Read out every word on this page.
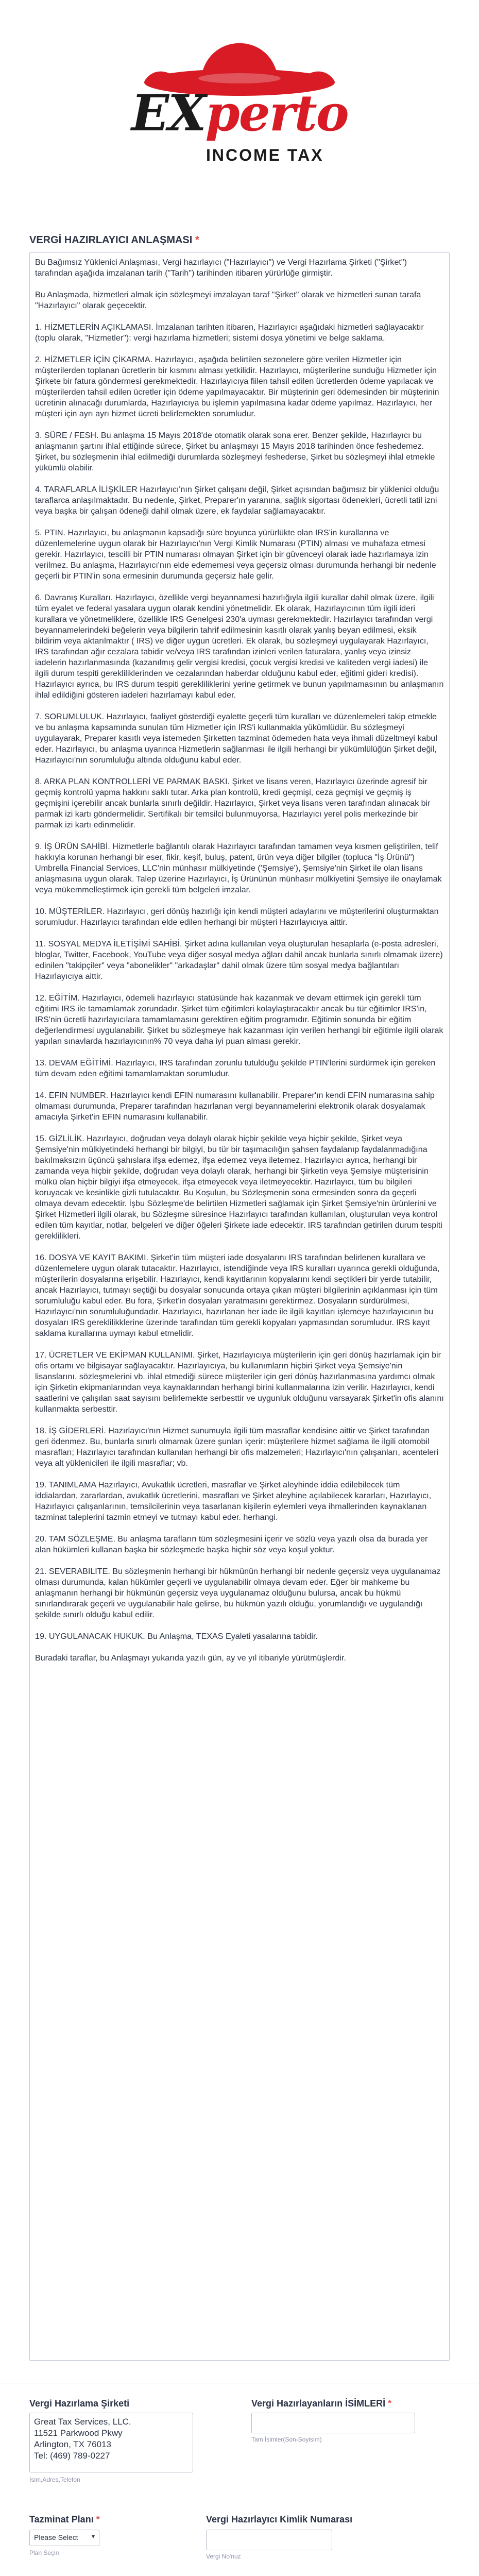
EXperto
INCOME TAX
VERGİ HAZIRLAYICI ANLAŞMASI *
Bu Bağımsız Yüklenici Anlaşması, Vergi hazırlayıcı ("Hazırlayıcı") ve Vergi Hazırlama Şirketi ("Şirket") tarafından aşağıda imzalanan tarih ("Tarih") tarihinden itibaren yürürlüğe girmiştir.

Bu Anlaşmada, hizmetleri almak için sözleşmeyi imzalayan taraf "Şirket" olarak ve hizmetleri sunan tarafa "Hazırlayıcı" olarak geçecektir.

1. HİZMETLERİN AÇIKLAMASI. İmzalanan tarihten itibaren, Hazırlayıcı aşağıdaki hizmetleri sağlayacaktır (toplu olarak, "Hizmetler"): vergi hazırlama hizmetleri; sistemi dosya yönetimi ve belge saklama.

2. HİZMETLER İÇİN ÇİKARMA. Hazırlayıcı, aşağıda belirtilen sezonelere göre verilen Hizmetler için müşterilerden toplanan ücretlerin bir kısmını alması yetkilidir. Hazırlayıcı, müşterilerine sunduğu Hizmetler için Şirkete bir fatura göndermesi gerekmektedir. Hazırlayıcıya fiilen tahsil edilen ücretlerden ödeme yapılacak ve müşterilerden tahsil edilen ücretler için ödeme yapılmayacaktır. Bir müşterinin geri ödemesinden bir müşterinin ücretinin alınacağı durumlarda, Hazırlayıcıya bu işlemin yapılmasına kadar ödeme yapılmaz. Hazırlayıcı, her müşteri için ayrı ayrı hizmet ücreti belirlemekten sorumludur.

3. SÜRE / FESH. Bu anlaşma 15 Mayıs 2018'de otomatik olarak sona erer. Benzer şekilde, Hazırlayıcı bu anlaşmanın şartını ihlal ettiğinde sürece, Şirket bu anlaşmayı 15 Mayıs 2018 tarihinden önce feshedemez. Şirket, bu sözleşmenin ihlal edilmediği durumlarda sözleşmeyi feshederse, Şirket bu sözleşmeyi ihlal etmekle yükümlü olabilir.

4. TARAFLARLA İLİŞKİLER Hazırlayıcı'nın Şirket çalışanı değil, Şirket açısından bağımsız bir yüklenici olduğu taraflarca anlaşılmaktadır. Bu nedenle, Şirket, Preparer'ın yaranına, sağlık sigortası ödenekleri, ücretli tatil izni veya başka bir çalışan ödeneği dahil olmak üzere, ek faydalar sağlamayacaktır.

5. PTIN. Hazırlayıcı, bu anlaşmanın kapsadığı süre boyunca yürürlükte olan IRS'in kurallarına ve düzenlemelerine uygun olarak bir Hazırlayıcı'nın Vergi Kimlik Numarası (PTIN) alması ve muhafaza etmesi gerekir. Hazırlayıcı, tescilli bir PTIN numarası olmayan Şirket için bir güvenceyi olarak iade hazırlamaya izin verilmez. Bu anlaşma, Hazırlayıcı'nın elde edememesi veya geçersiz olması durumunda herhangi bir nedenle geçerli bir PTIN'in sona ermesinin durumunda geçersiz hale gelir.

6. Davranış Kuralları. Hazırlayıcı, özellikle vergi beyannamesi hazırlığıyla ilgili kurallar dahil olmak üzere, ilgili tüm eyalet ve federal yasalara uygun olarak kendini yönetmelidir. Ek olarak, Hazırlayıcının tüm ilgili ideri kurallara ve yönetmeliklere, özellikle IRS Genelgesi 230'a uyması gerekmektedir. Hazırlayıcı tarafından vergi beyannamelerindeki beğelerin veya bilgilerin tahrif edilmesinin kasıtlı olarak yanlış beyan edilmesi, eksik bildirim veya aktarılmaktır ( IRS) ve diğer uygun ücretleri. Ek olarak, bu sözleşmeyi uygulayarak Hazırlayıcı, IRS tarafından ağır cezalara tabidir ve/veya IRS tarafından izinleri verilen faturalara, yanlış veya izinsiz iadelerin hazırlanmasında (kazanılmış gelir vergisi kredisi, çocuk vergisi kredisi ve kaliteden vergi iadesi) ile ilgili durum tespiti gerekliliklerinden ve cezalarından haberdar olduğunu kabul eder, eğitimi gideri kredisi). Hazırlayıcı ayrıca, bu IRS durum tespiti gerekliliklerini yerine getirmek ve bunun yapılmamasının bu anlaşmanın ihlal edildiğini gösteren iadeleri hazırlamayı kabul eder.

7. SORUMLULUK. Hazırlayıcı, faaliyet gösterdiği eyalette geçerli tüm kuralları ve düzenlemeleri takip etmekle ve bu anlaşma kapsamında sunulan tüm Hizmetler için IRS'i kullanmakla yükümlüdür. Bu sözleşmeyi uygulayarak, Preparer kasıtlı veya istemeden Şirketten tazminat ödemeden hata veya ihmali düzeltmeyi kabul eder. Hazırlayıcı, bu anlaşma uyarınca Hizmetlerin sağlanması ile ilgili herhangi bir yükümlülüğün Şirket değil, Hazırlayıcı'nın sorumluluğu altında olduğunu kabul eder.

8. ARKA PLAN KONTROLLERİ VE PARMAK BASKI. Şirket ve lisans veren, Hazırlayıcı üzerinde agresif bir geçmiş kontrolü yapma hakkını saklı tutar. Arka plan kontrolü, kredi geçmişi, ceza geçmişi ve geçmiş iş geçmişini içerebilir ancak bunlarla sınırlı değildir. Hazırlayıcı, Şirket veya lisans veren tarafından alınacak bir parmak izi kartı göndermelidir. Sertifikalı bir temsilci bulunmuyorsa, Hazırlayıcı yerel polis merkezinde bir parmak izi kartı edinmelidir.

9. İŞ ÜRÜN SAHİBİ. Hizmetlerle bağlantılı olarak Hazırlayıcı tarafından tamamen veya kısmen geliştirilen, telif hakkıyla korunan herhangi bir eser, fikir, keşif, buluş, patent, ürün veya diğer bilgiler (topluca "İş Ürünü") Umbrella Financial Services, LLC'nin münhasır mülkiyetinde ('Şemsiye'), Şemsiye'nin Şirket ile olan lisans anlaşmasına uygun olarak. Talep üzerine Hazırlayıcı, İş Ürününün münhasır mülkiyetini Şemsiye ile onaylamak veya mükemmelleştirmek için gerekli tüm belgeleri imzalar.

10. MÜŞTERİLER. Hazırlayıcı, geri dönüş hazırlığı için kendi müşteri adaylarını ve müşterilerini oluşturmaktan sorumludur. Hazırlayıcı tarafından elde edilen herhangi bir müşteri Hazırlayıcıya aittir.

11. SOSYAL MEDYA İLETİŞİMİ SAHİBİ. Şirket adına kullanılan veya oluşturulan hesaplarla (e-posta adresleri, bloglar, Twitter, Facebook, YouTube veya diğer sosyal medya ağları dahil ancak bunlarla sınırlı olmamak üzere) edinilen "takipçiler" veya "abonelikler" "arkadaşlar" dahil olmak üzere tüm sosyal medya bağlantıları Hazırlayıcıya aittir.

12. EĞİTİM. Hazırlayıcı, ödemeli hazırlayıcı statüsünde hak kazanmak ve devam ettirmek için gerekli tüm eğitimi IRS ile tamamlamak zorundadır. Şirket tüm eğitimleri kolaylaştıracaktır ancak bu tür eğitimler IRS'in, IRS'nin ücretli hazırlayıcılara tamamlamasını gerektiren eğitim programıdır. Eğitimin sonunda bir eğitim değerlendirmesi uygulanabilir. Şirket bu sözleşmeye hak kazanması için verilen herhangi bir eğitimle ilgili olarak yapılan sınavlarda hazırlayıcının% 70 veya daha iyi puan alması gerekir.

13. DEVAM EĞİTİMİ. Hazırlayıcı, IRS tarafından zorunlu tutulduğu şekilde PTIN'lerini sürdürmek için gereken tüm devam eden eğitimi tamamlamaktan sorumludur.

14. EFIN NUMBER. Hazırlayıcı kendi EFIN numarasını kullanabilir. Preparer'ın kendi EFIN numarasına sahip olmaması durumunda, Preparer tarafından hazırlanan vergi beyannamelerini elektronik olarak dosyalamak amacıyla Şirket'in EFIN numarasını kullanabilir.

15. GİZLİLİK. Hazırlayıcı, doğrudan veya dolaylı olarak hiçbir şekilde veya hiçbir şekilde, Şirket veya Şemsiye'nin mülkiyetindeki herhangi bir bilgiyi, bu tür bir taşımacılığın şahsen faydalanıp faydalanmadığına bakılmaksızın üçüncü şahıslara ifşa edemez, ifşa edemez veya iletemez. Hazırlayıcı ayrıca, herhangi bir zamanda veya hiçbir şekilde, doğrudan veya dolaylı olarak, herhangi bir Şirketin veya Şemsiye müşterisinin mülkü olan hiçbir bilgiyi ifşa etmeyecek, ifşa etmeyecek veya iletmeyecektir. Hazırlayıcı, tüm bu bilgileri koruyacak ve kesinlikle gizli tutulacaktır. Bu Koşulun, bu Sözleşmenin sona ermesinden sonra da geçerli olmaya devam edecektir. İşbu Sözleşme'de belirtilen Hizmetleri sağlamak için Şirket Şemsiye'nin ürünlerini ve Şirket Hizmetleri ilgili olarak, bu Sözleşme süresince Hazırlayıcı tarafından kullanılan, oluşturulan veya kontrol edilen tüm kayıtlar, notlar, belgeleri ve diğer öğeleri Şirkete iade edecektir. IRS tarafından getirilen durum tespiti gereklilikleri.

16. DOSYA VE KAYIT BAKIMI. Şirket'in tüm müşteri iade dosyalarını IRS tarafından belirlenen kurallara ve düzenlemelere uygun olarak tutacaktır. Hazırlayıcı, istendiğinde veya IRS kuralları uyarınca gerekli olduğunda, müşterilerin dosyalarına erişebilir. Hazırlayıcı, kendi kayıtlarının kopyalarını kendi seçtikleri bir yerde tutabilir, ancak Hazırlayıcı, tutmayı seçtiği bu dosyalar sonucunda ortaya çıkan müşteri bilgilerinin açıklanması için tüm sorumluluğu kabul eder. Bu fora, Şirket'in dosyaları yaratmasını gerektirmez. Dosyaların sürdürülmesi, Hazırlayıcı'nın sorumluluğundadır. Hazırlayıcı, hazırlanan her iade ile ilgili kayıtları işlemeye hazırlayıcının bu dosyaları IRS gereklilikklerine üzerinde tarafından tüm gerekli kopyaları yapmasından sorumludur. IRS kayıt saklama kurallarına uymayı kabul etmelidir.

17. ÜCRETLER VE EKİPMAN KULLANIMI. Şirket, Hazırlayıcıya müşterilerin için geri dönüş hazırlamak için bir ofis ortamı ve bilgisayar sağlayacaktır. Hazırlayıcıya, bu kullanımların hiçbiri Şirket veya Şemsiye'nin lisanslarını, sözleşmelerini vb. ihlal etmediği sürece müşteriler için geri dönüş hazırlanmasına yardımcı olmak için Şirketin ekipmanlarından veya kaynaklarından herhangi birini kullanmalarına izin verilir. Hazırlayıcı, kendi saatlerini ve çalışılan saat sayısını belirlemekte serbesttir ve uygunluk olduğunu varsayarak Şirket'in ofis alanını kullanmakta serbesttir.

18. İŞ GİDERLERİ. Hazırlayıcı'nın Hizmet sunumuyla ilgili tüm masraflar kendisine aittir ve Şirket tarafından geri ödenmez. Bu, bunlarla sınırlı olmamak üzere şunları içerir: müşterilere hizmet sağlama ile ilgili otomobil masrafları; Hazırlayıcı tarafından kullanılan herhangi bir ofis malzemeleri; Hazırlayıcı'nın çalışanları, acenteleri veya alt yüklenicileri ile ilgili masraflar; vb.

19. TANIMLAMA Hazırlayıcı, Avukatlık ücretleri, masraflar ve Şirket aleyhinde iddia edilebilecek tüm iddialardan, zararlardan, avukatlık ücretlerini, masrafları ve Şirket aleyhine açılabilecek kararları, Hazırlayıcı, Hazırlayıcı çalışanlarının, temsilcilerinin veya tasarlanan kişilerin eylemleri veya ihmallerinden kaynaklanan tazminat taleplerini tazmin etmeyi ve tutmayı kabul eder. herhangi.

20. TAM SÖZLEŞME. Bu anlaşma tarafların tüm sözleşmesini içerir ve sözlü veya yazılı olsa da burada yer alan hükümleri kullanan başka bir sözleşmede başka hiçbir söz veya koşul yoktur.

21. SEVERABILITE. Bu sözleşmenin herhangi bir hükmünün herhangi bir nedenle geçersiz veya uygulanamaz olması durumunda, kalan hükümler geçerli ve uygulanabilir olmaya devam eder. Eğer bir mahkeme bu anlaşmanın herhangi bir hükmünün geçersiz veya uygulanamaz olduğunu bulursa, ancak bu hükmü sınırlandırarak geçerli ve uygulanabilir hale gelirse, bu hükmün yazılı olduğu, yorumlandığı ve uygulandığı şekilde sınırlı olduğu kabul edilir.

19. UYGULANACAK HUKUK. Bu Anlaşma, TEXAS Eyaleti yasalarına tabidir.

Buradaki taraflar, bu Anlaşmayı yukarıda yazılı gün, ay ve yıl itibariyle yürütmüşlerdir.
Vergi Hazırlama Şirketi
Great Tax Services, LLC.
11521 Parkwood Pkwy
Arlington, TX 76013
Tel: (469) 789-0227
İsim,Adres,Telefon
Vergi Hazırlayanların İSİMLERİ *
Tam İsimler(Son-Soyisim)
Tazminat Planı *
Please Select ▾
Plan Seçin
Vergi Hazırlayıcı Kimlik Numarası
Vergi No'nuz
